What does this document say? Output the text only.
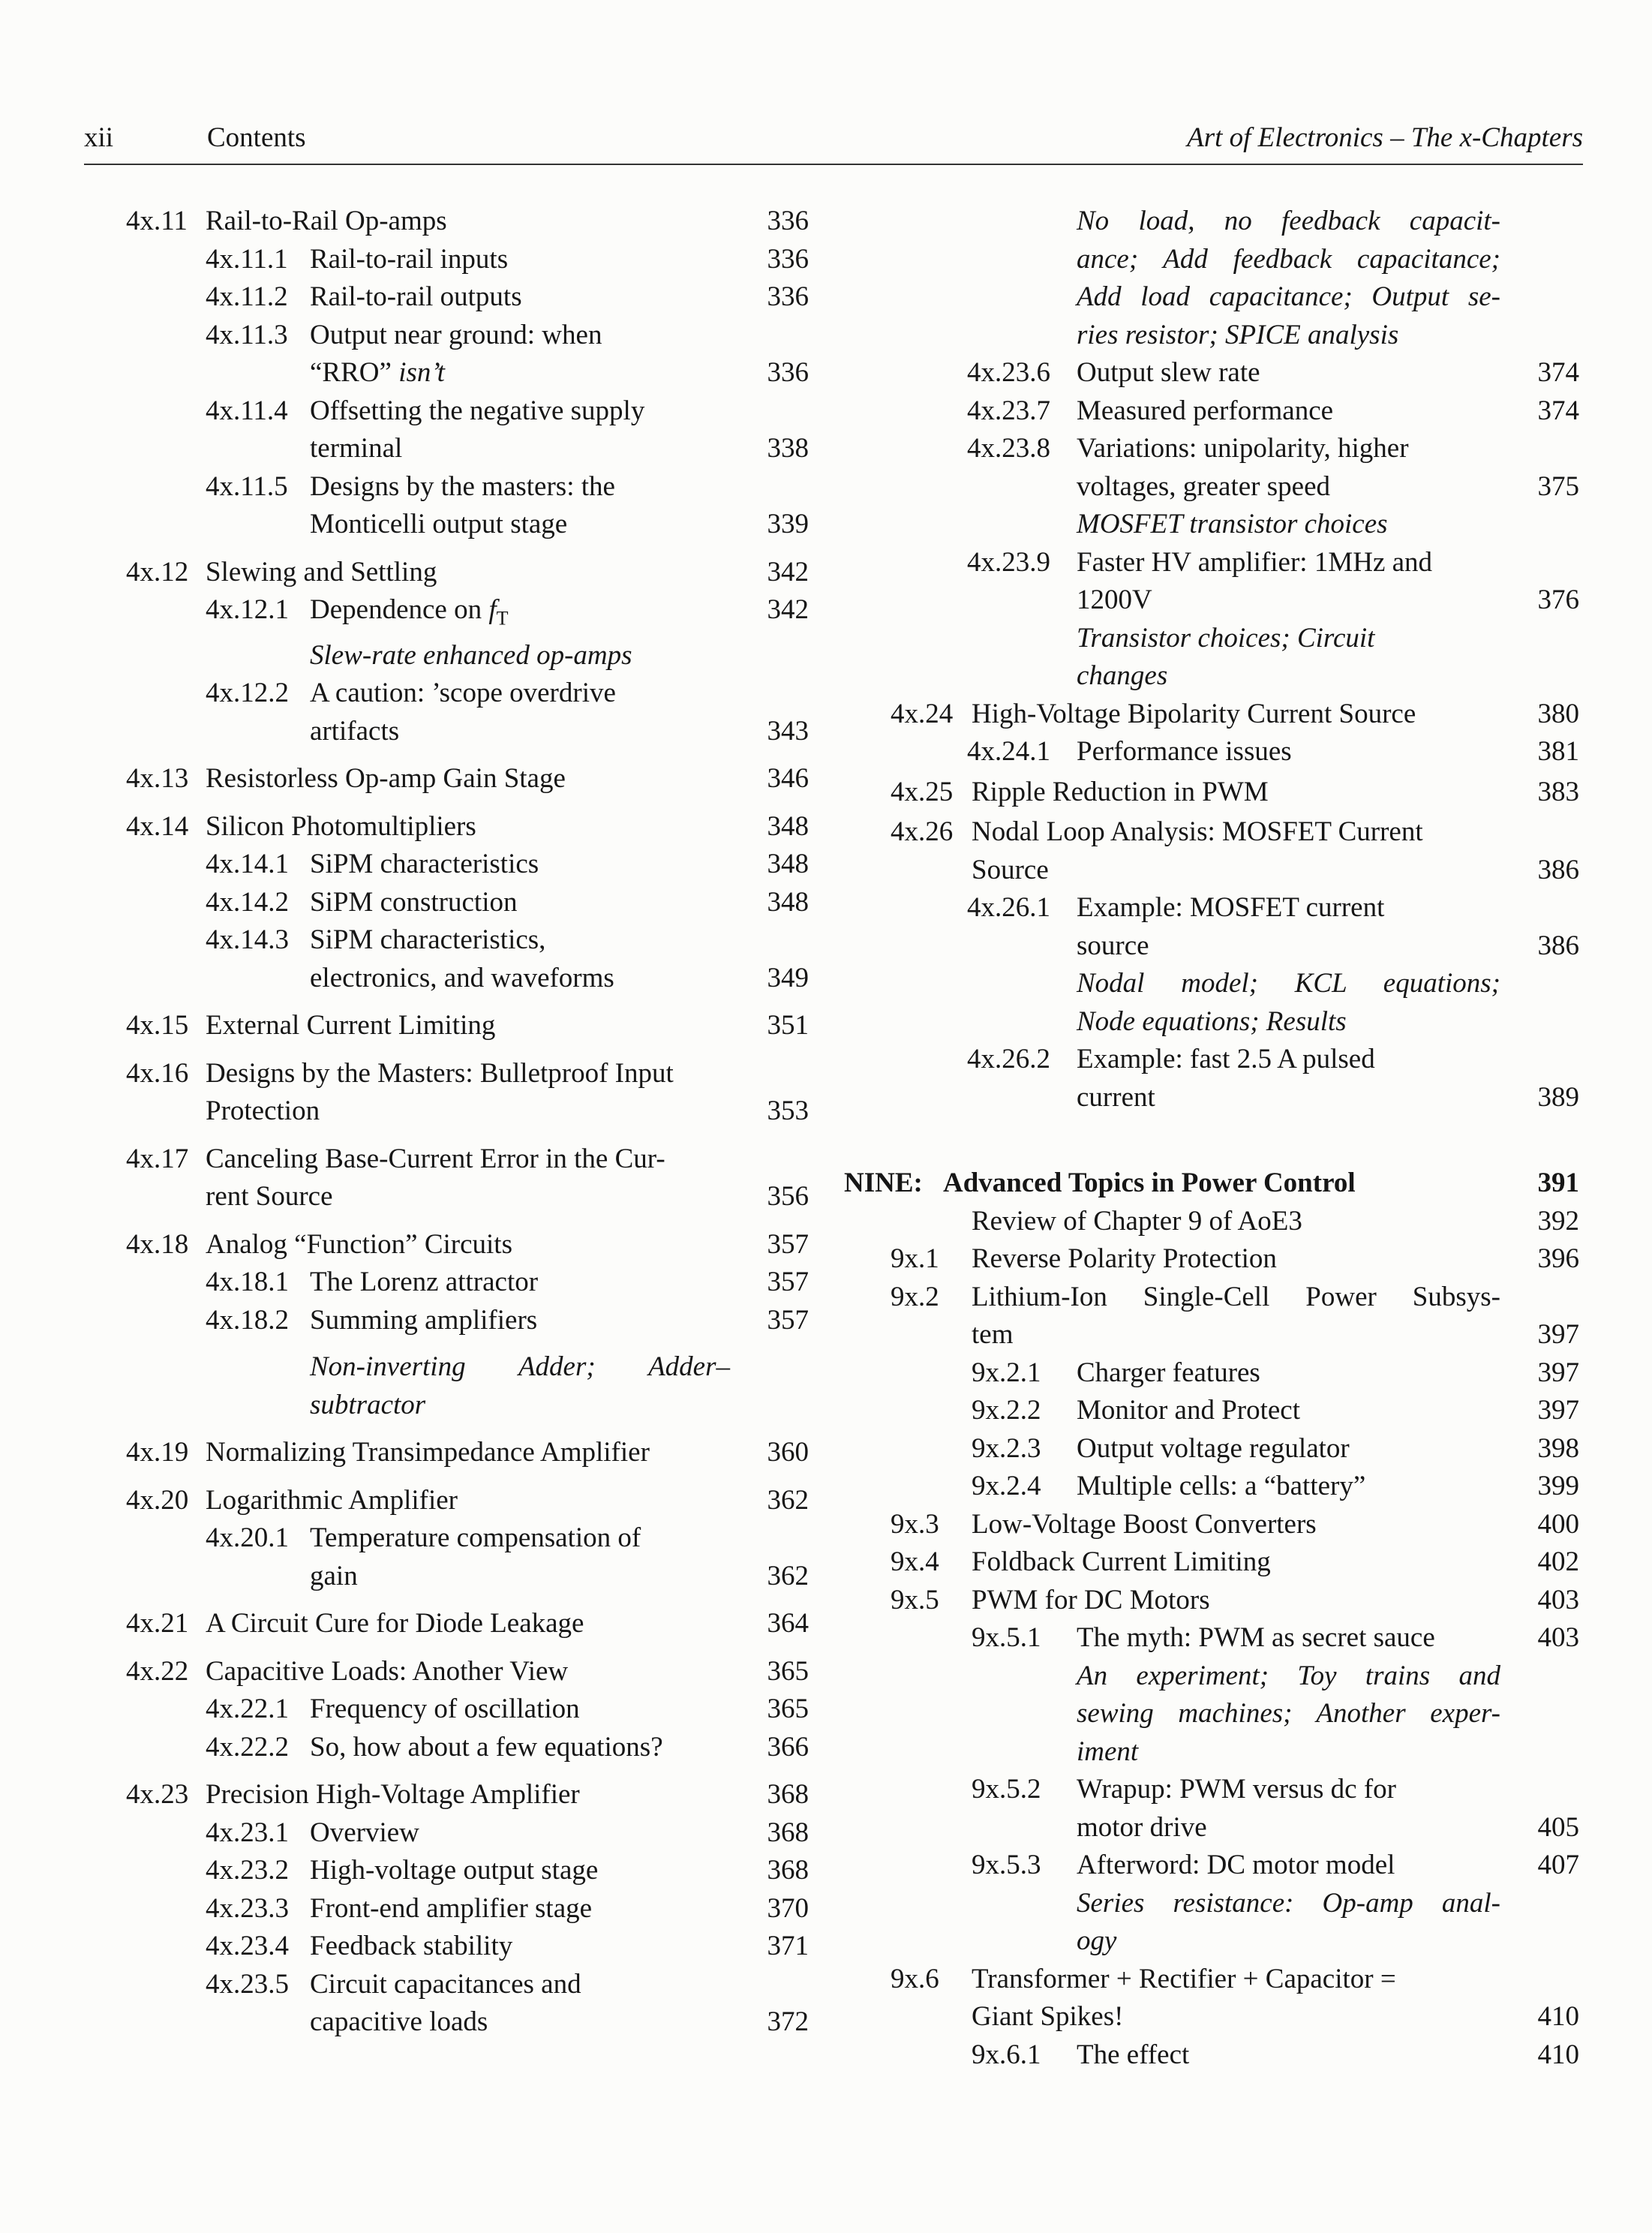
xii	Contents	Art of Electronics – The x-Chapters
4x.11 Rail-to-Rail Op-amps	336
4x.11.1 Rail-to-rail inputs	336
4x.11.2 Rail-to-rail outputs	336
4x.11.3 Output near ground: when
“RRO” isn’t	336
4x.11.4 Offsetting the negative supply
terminal	338
4x.11.5 Designs by the masters: the
Monticelli output stage	339
4x.12 Slewing and Settling	342
4x.12.1 Dependence on $f_T$	342
Slew-rate enhanced op-amps
4x.12.2 A caution: ’scope overdrive
artifacts	343
4x.13 Resistorless Op-amp Gain Stage	346
4x.14 Silicon Photomultipliers	348
4x.14.1 SiPM characteristics	348
4x.14.2 SiPM construction	348
4x.14.3 SiPM characteristics,
electronics, and waveforms	349
4x.15 External Current Limiting	351
4x.16 Designs by the Masters: Bulletproof Input
Protection	353
4x.17 Canceling Base-Current Error in the Cur-
rent Source	356
4x.18 Analog “Function” Circuits	357
4x.18.1 The Lorenz attractor	357
4x.18.2 Summing amplifiers	357
Non-inverting Adder; Adder–
subtractor
4x.19 Normalizing Transimpedance Amplifier	360
4x.20 Logarithmic Amplifier	362
4x.20.1 Temperature compensation of
gain	362
4x.21 A Circuit Cure for Diode Leakage	364
4x.22 Capacitive Loads: Another View	365
4x.22.1 Frequency of oscillation	365
4x.22.2 So, how about a few equations?	366
4x.23 Precision High-Voltage Amplifier	368
4x.23.1 Overview	368
4x.23.2 High-voltage output stage	368
4x.23.3 Front-end amplifier stage	370
4x.23.4 Feedback stability	371
4x.23.5 Circuit capacitances and
capacitive loads	372
No load, no feedback capacit-
ance; Add feedback capacitance;
Add load capacitance; Output se-
ries resistor; SPICE analysis
4x.23.6 Output slew rate	374
4x.23.7 Measured performance	374
4x.23.8 Variations: unipolarity, higher
voltages, greater speed	375
MOSFET transistor choices
4x.23.9 Faster HV amplifier: 1MHz and
1200V	376
Transistor choices; Circuit
changes
4x.24 High-Voltage Bipolarity Current Source	380
4x.24.1 Performance issues	381
4x.25 Ripple Reduction in PWM	383
4x.26 Nodal Loop Analysis: MOSFET Current
Source	386
4x.26.1 Example: MOSFET current
source	386
Nodal model; KCL equations;
Node equations; Results
4x.26.2 Example: fast 2.5 A pulsed
current	389
NINE: Advanced Topics in Power Control	391
Review of Chapter 9 of AoE3	392
9x.1 Reverse Polarity Protection	396
9x.2 Lithium-Ion Single-Cell Power Subsys-
tem	397
9x.2.1 Charger features	397
9x.2.2 Monitor and Protect	397
9x.2.3 Output voltage regulator	398
9x.2.4 Multiple cells: a “battery”	399
9x.3 Low-Voltage Boost Converters	400
9x.4 Foldback Current Limiting	402
9x.5 PWM for DC Motors	403
9x.5.1 The myth: PWM as secret sauce	403
An experiment; Toy trains and
sewing machines; Another exper-
iment
9x.5.2 Wrapup: PWM versus dc for
motor drive	405
9x.5.3 Afterword: DC motor model	407
Series resistance: Op-amp anal-
ogy
9x.6 Transformer + Rectifier + Capacitor =
Giant Spikes!	410
9x.6.1 The effect	410
